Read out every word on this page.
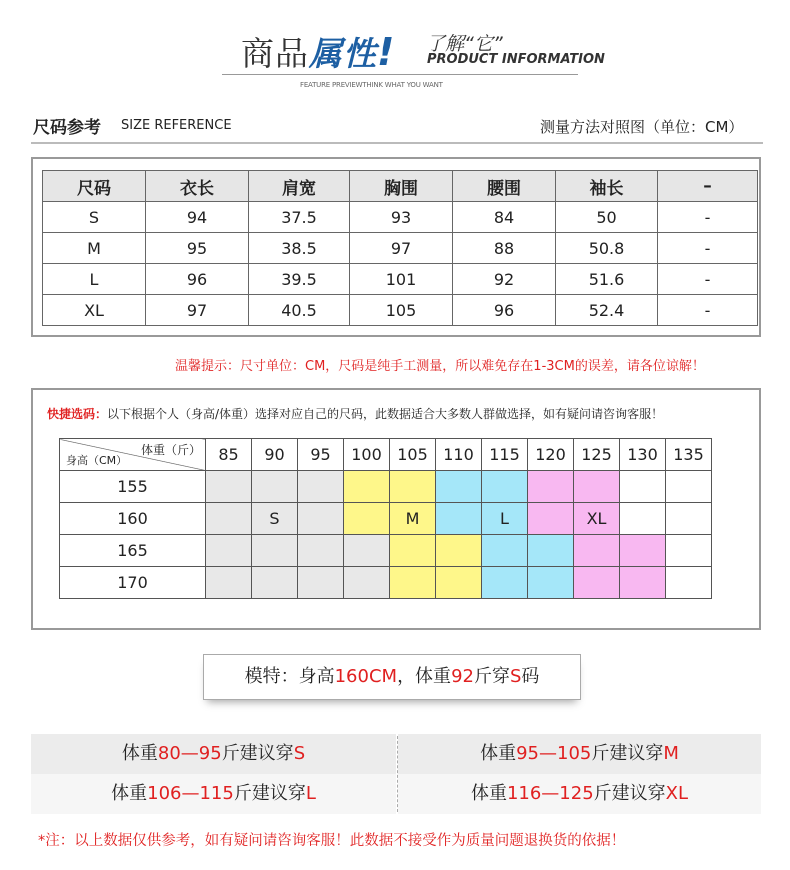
商品属性! 了解“它”
PRODUCT INFORMATION
FEATURE PREVIEWTHINK WHAT YOU WANT
尺码参考 SIZE REFERENCE	测量方法对照图（单位：CM）
尺码	衣长	肩宽	胸围	腰围	袖长	–
S	94	37.5	93	84	50	-
M	95	38.5	97	88	50.8	-
L	96	39.5	101	92	51.6	-
XL	97	40.5	105	96	52.4	-
温馨提示：尺寸单位：CM，尺码是纯手工测量，所以难免存在1-3CM的误差，请各位谅解！
快捷选码：以下根据个人（身高/体重）选择对应自己的尺码，此数据适合大多数人群做选择，如有疑问请咨询客服！
体重（斤）
身高（CM）	85	90	95	100	105	110	115	120	125	130	135
155											
160		S			M		L		XL		
165											
170											
模特：身高160CM，体重92斤穿S码
体重80—95斤建议穿S	体重95—105斤建议穿M
体重106—115斤建议穿L	体重116—125斤建议穿XL
*注：以上数据仅供参考，如有疑问请咨询客服！此数据不接受作为质量问题退换货的依据！
